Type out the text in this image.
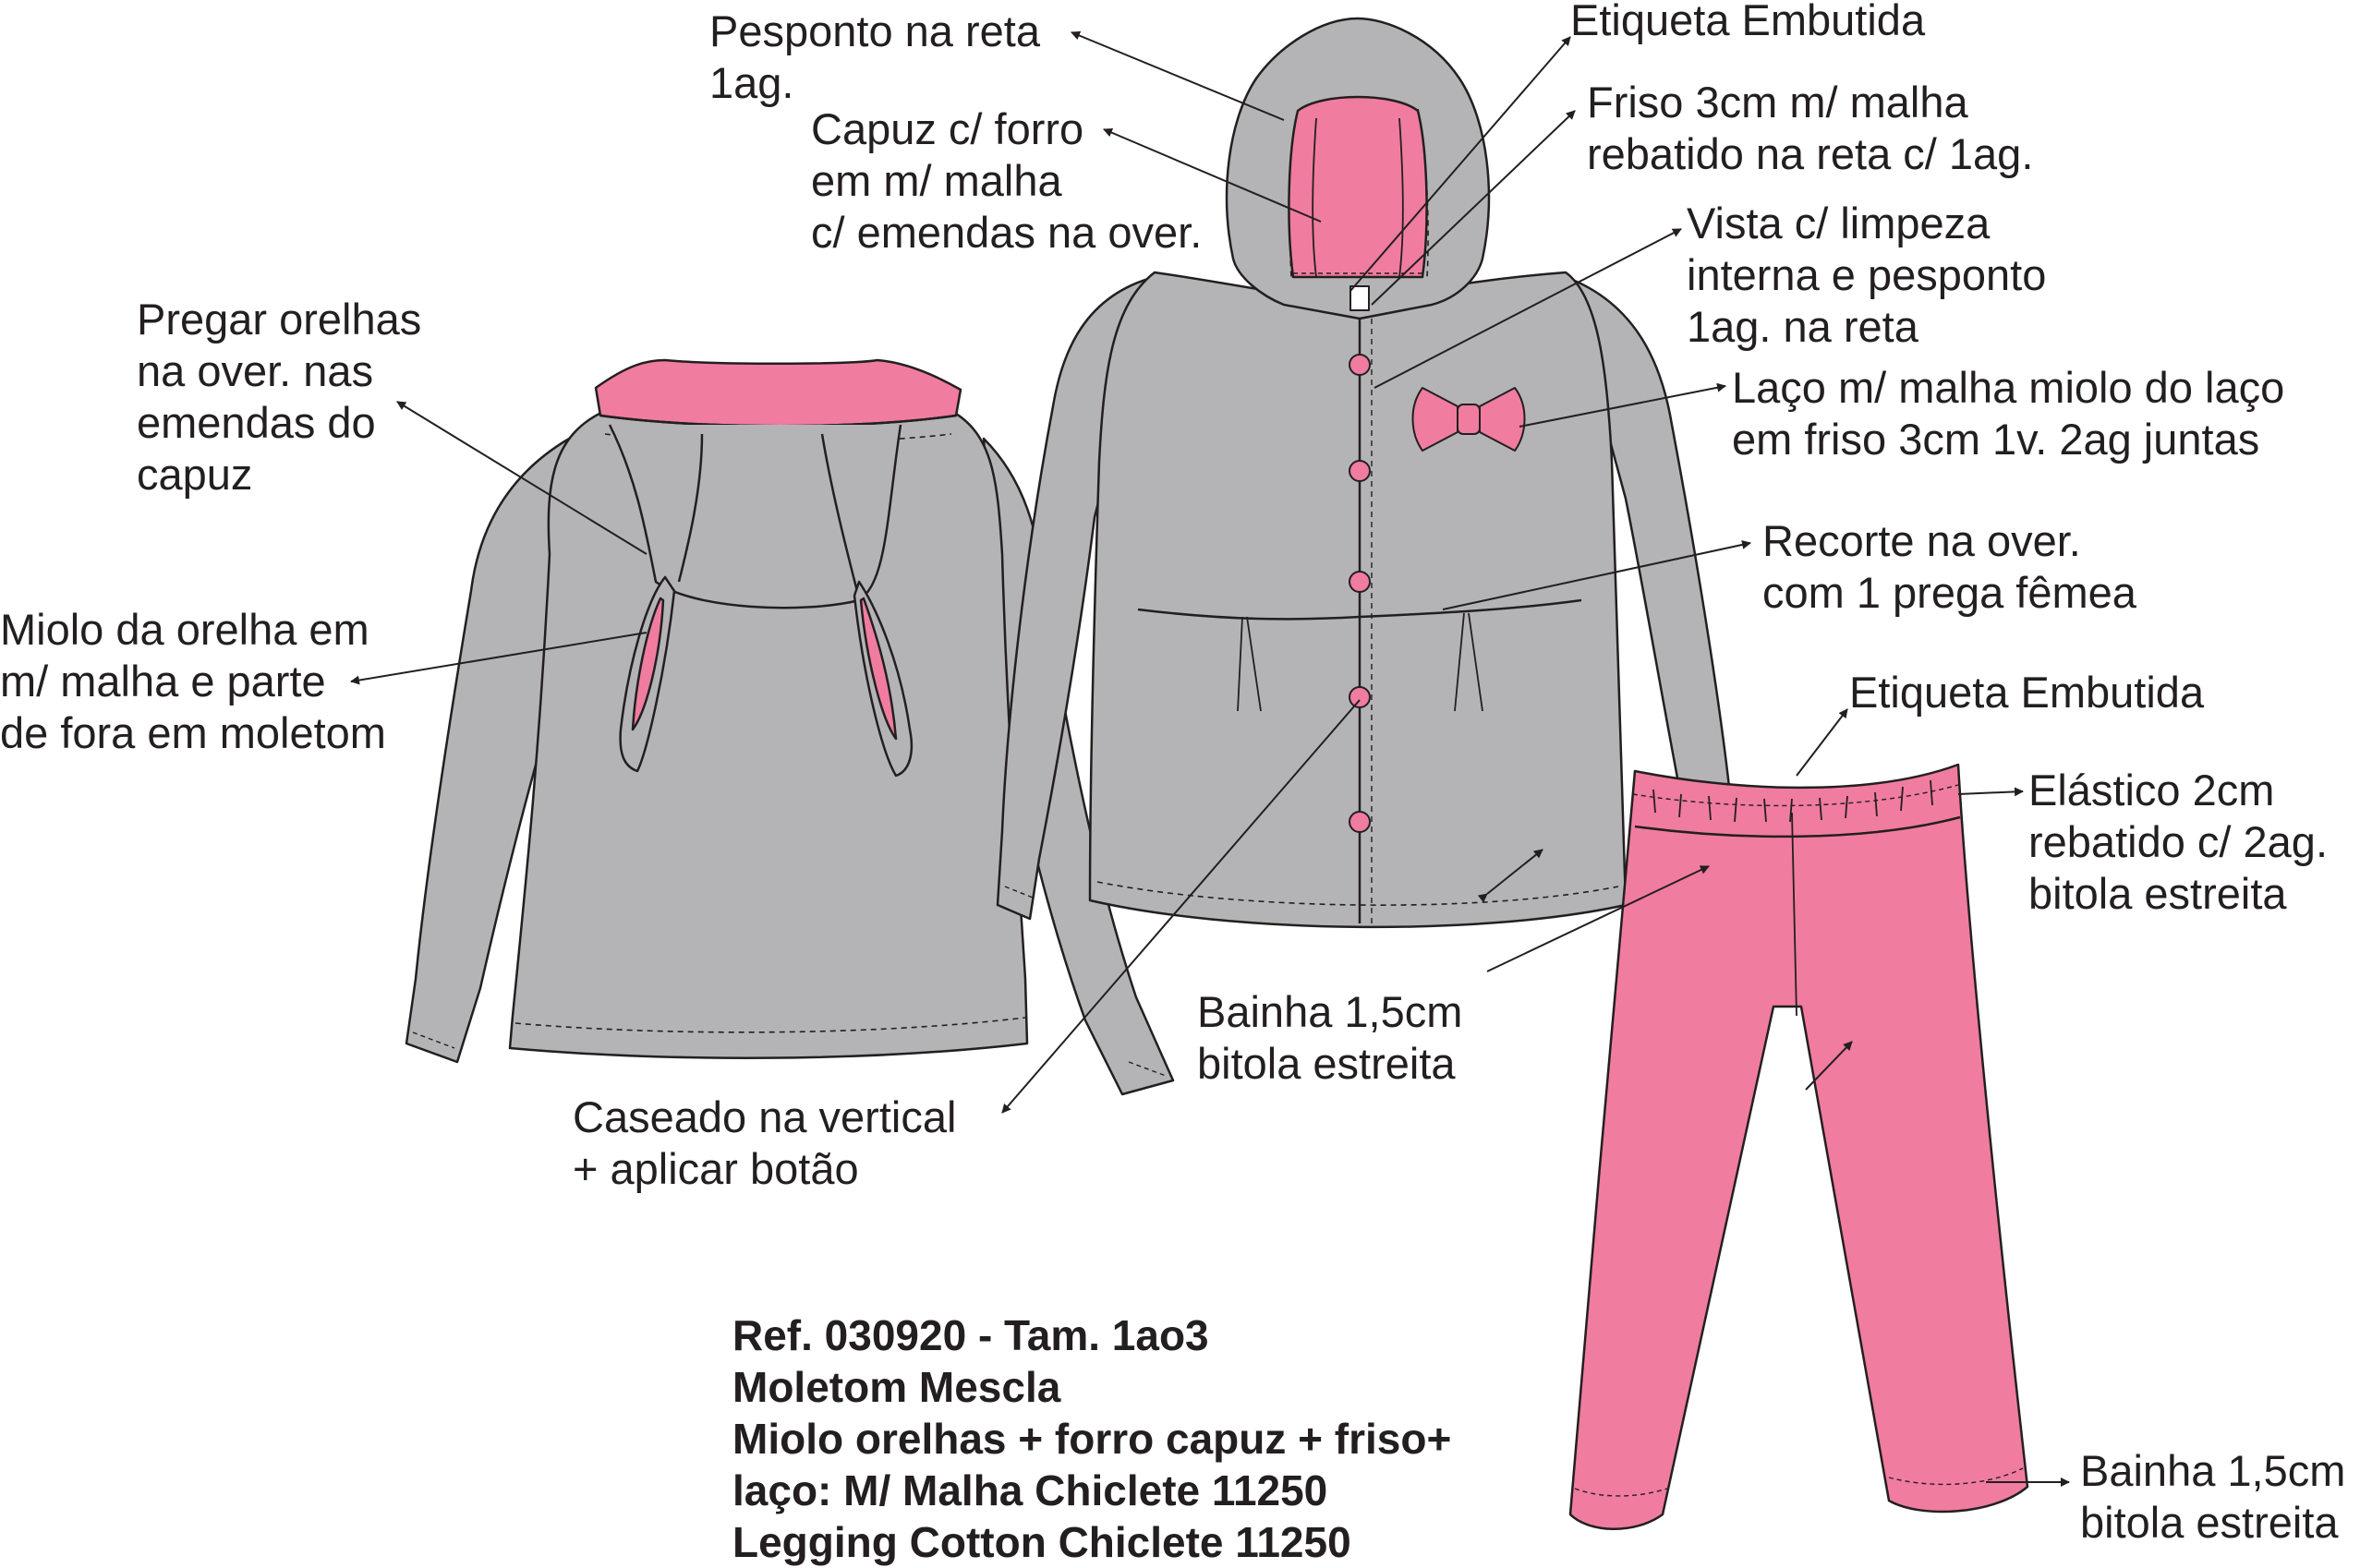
Pesponto na reta
1ag.
Capuz c/ forro
em m/ malha
c/ emendas na over.
Etiqueta Embutida
Friso 3cm m/ malha
rebatido na reta c/ 1ag.
Vista c/ limpeza
interna e pesponto
1ag. na reta
Laço m/ malha miolo do laço
em friso 3cm 1v. 2ag juntas
Pregar orelhas
na over. nas
emendas do
capuz
Recorte na over.
com 1 prega fêmea
Miolo da orelha em
m/ malha e parte
de fora em moletom
Etiqueta Embutida
Elástico 2cm
rebatido c/ 2ag.
bitola estreita
Bainha 1,5cm
bitola estreita
Caseado na vertical
+ aplicar botão
Bainha 1,5cm
bitola estreita
Ref. 030920 - Tam. 1ao3
Moletom Mescla
Miolo orelhas + forro capuz + friso+
laço: M/ Malha Chiclete 11250
Legging Cotton Chiclete 11250
